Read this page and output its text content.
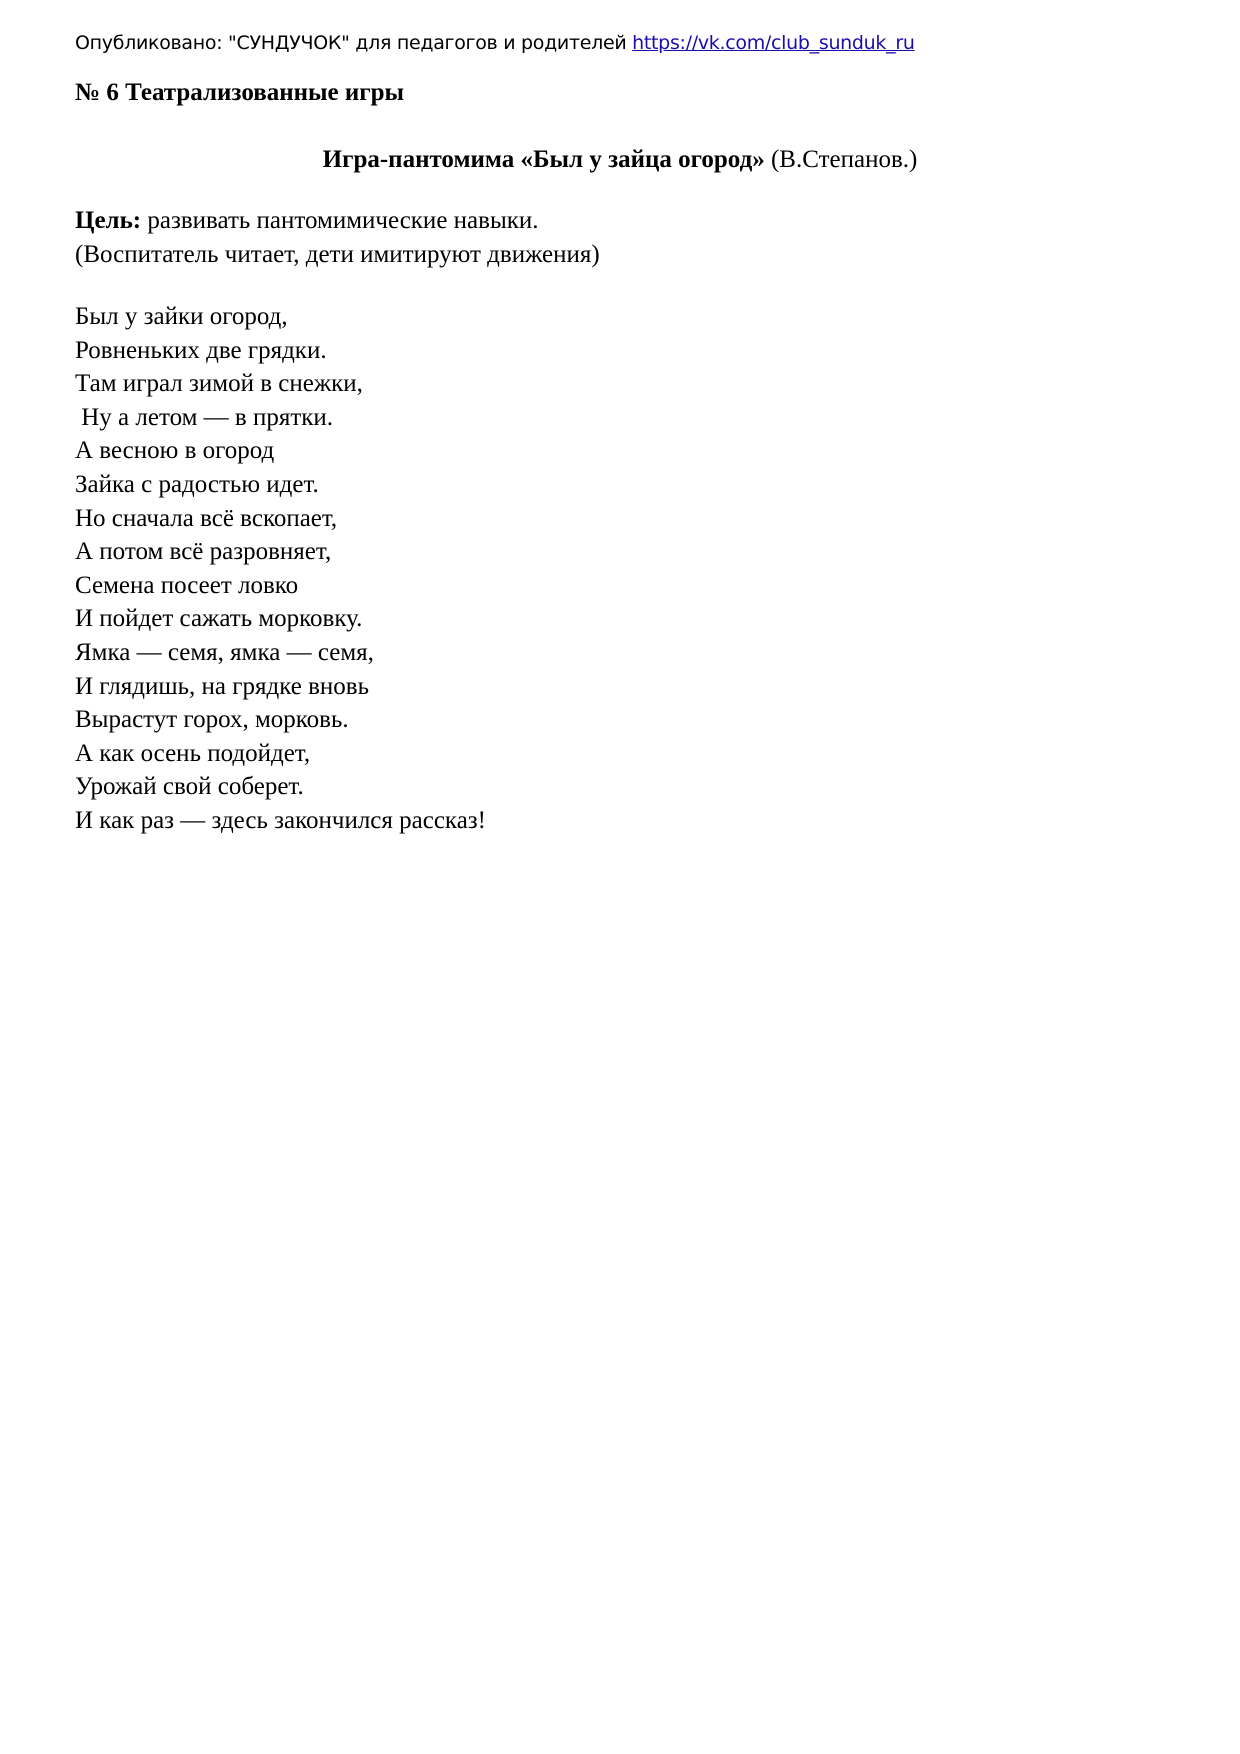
Опубликовано: "СУНДУЧОК" для педагогов и родителей https://vk.com/club_sunduk_ru
№ 6 Театрализованные игры
Игра-пантомима «Был у зайца огород» (В.Степанов.)
Цель: развивать пантомимические навыки.
(Воспитатель читает, дети имитируют движения)
Был у зайки огород,
Ровненьких две грядки.
Там играл зимой в снежки,
Ну а летом — в прятки.
А весною в огород
Зайка с радостью идет.
Но сначала всё вскопает,
А потом всё разровняет,
Семена посеет ловко
И пойдет сажать морковку.
Ямка — семя, ямка — семя,
И глядишь, на грядке вновь
Вырастут горох, морковь.
А как осень подойдет,
Урожай свой соберет.
И как раз — здесь закончился рассказ!
